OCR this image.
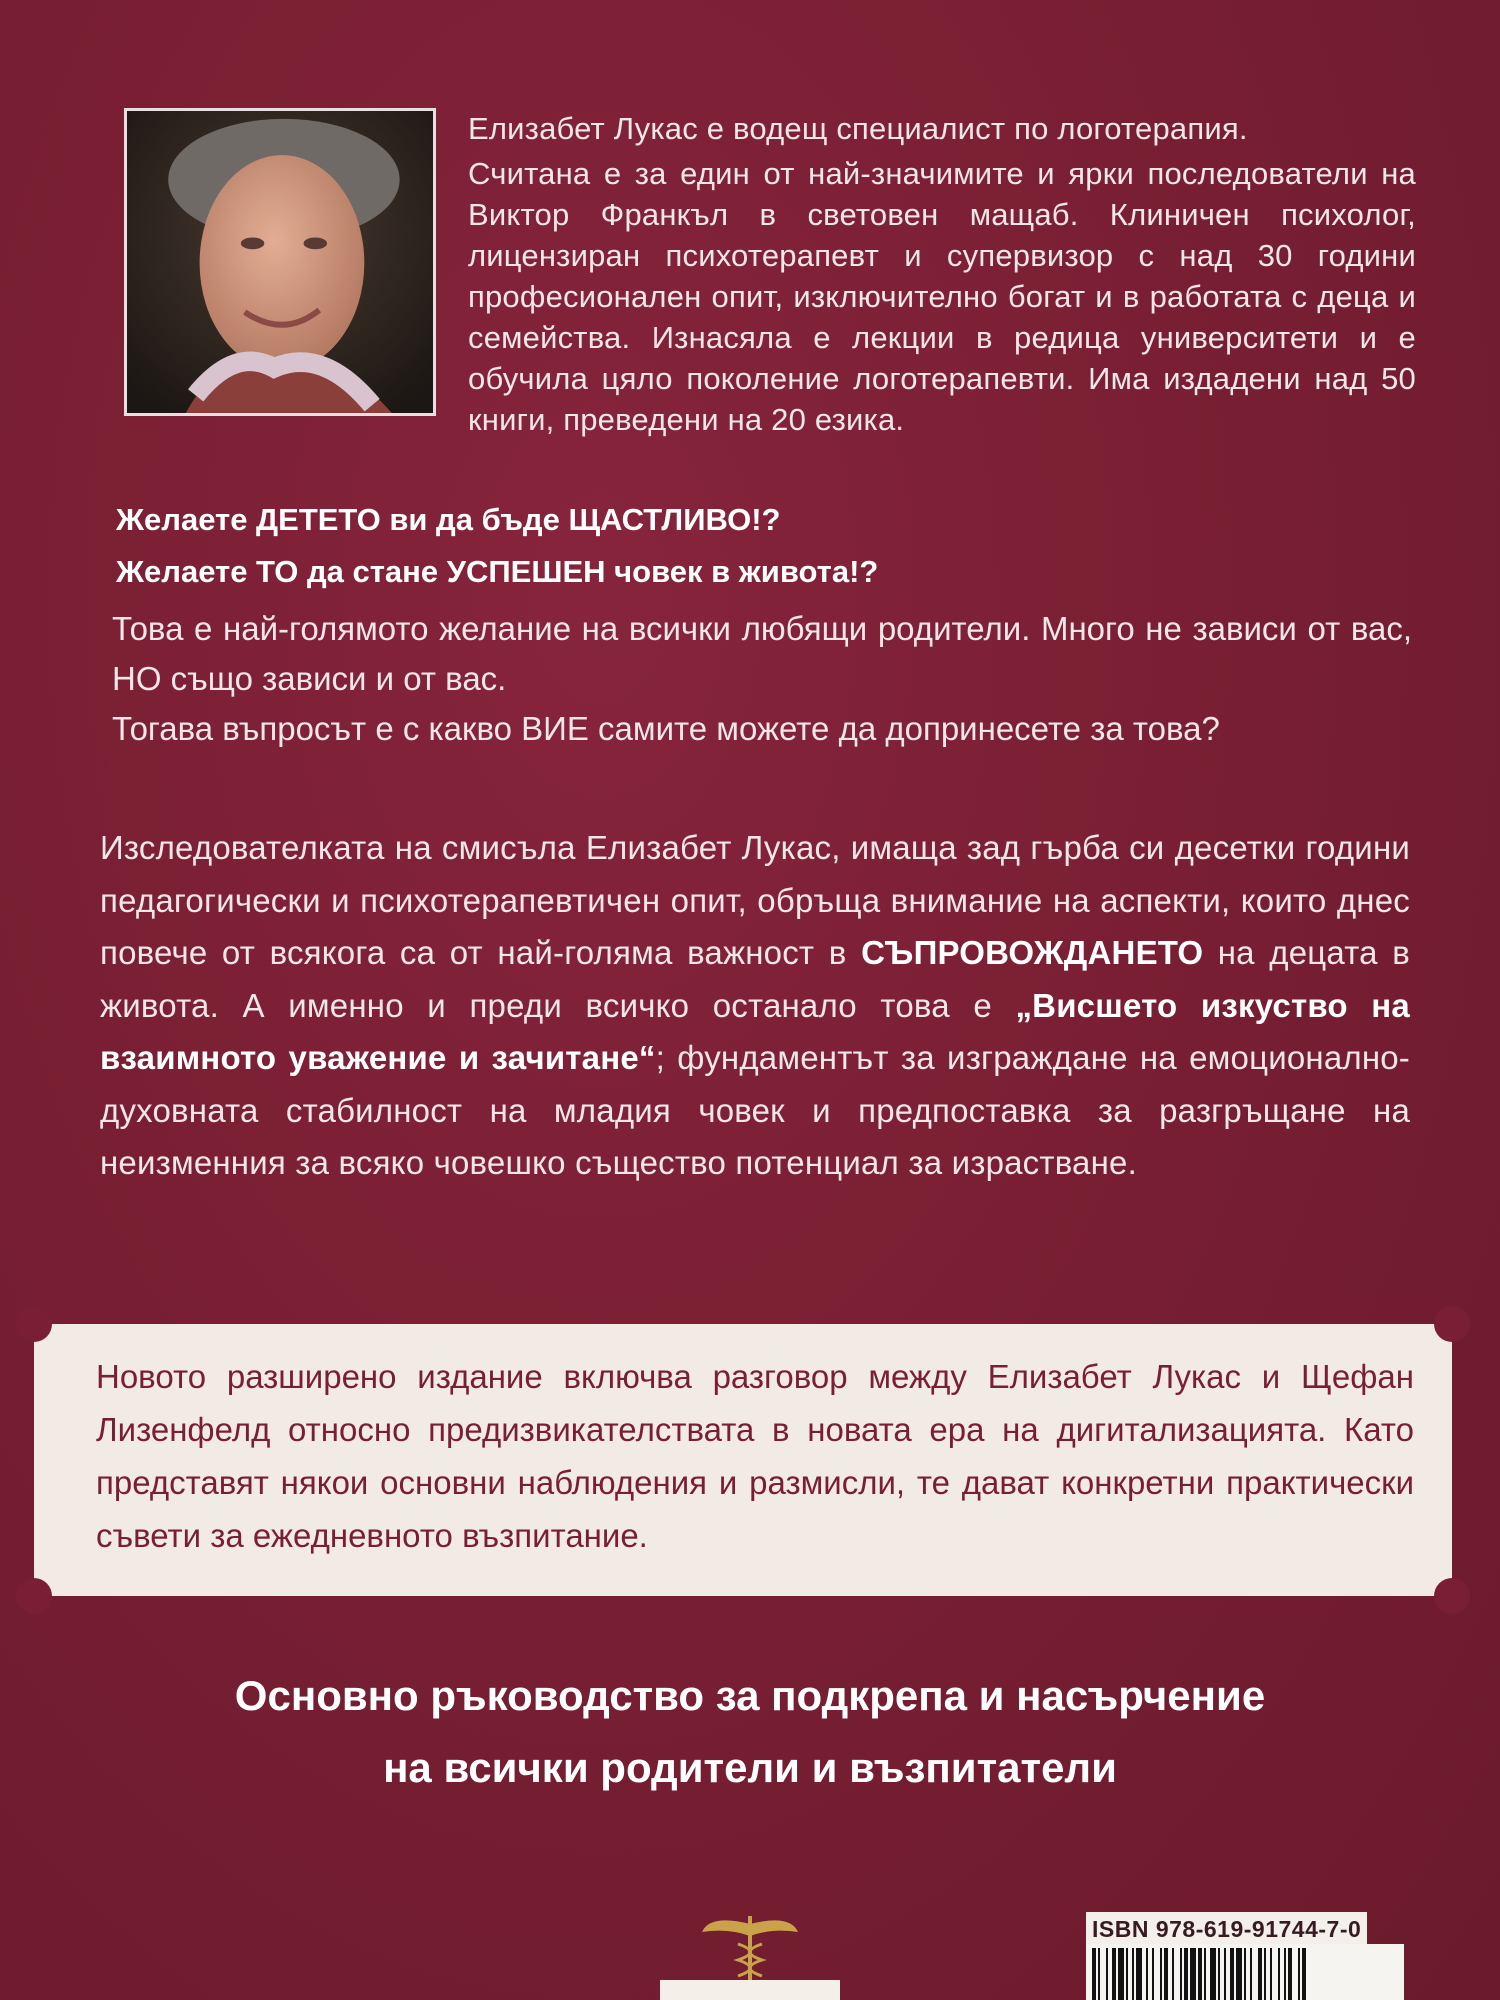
Елизабет Лукас е водещ специалист по логотерапия.

Считана е за един от най-значимите и ярки последователи на Виктор Франкъл в световен мащаб. Клиничен психолог, лицензиран психотерапевт и супервизор с над 30 години професионален опит, изключително богат и в работата с деца и семейства. Изнасяла е лекции в редица университети и е обучила цяло поколение логотерапевти. Има издадени над 50 книги, преведени на 20 езика.

Желаете ДЕТЕТО ви да бъде ЩАСТЛИВО!?
Желаете ТО да стане УСПЕШЕН човек в живота!?

Това е най-голямото желание на всички любящи родители. Много не зависи от вас, НО също зависи и от вас.

Тогава въпросът е с какво ВИЕ самите можете да допринесете за това?

Изследователката на смисъла Елизабет Лукас, имаща зад гърба си десетки години педагогически и психотерапевтичен опит, обръща внимание на аспекти, които днес повече от всякога са от най-голяма важност в СЪПРОВОЖДАНЕТО на децата в живота. А именно и преди всичко останало това е „Висшето изкуство на взаимното уважение и зачитане“; фундаментът за изграждане на емоционално-духовната стабилност на младия човек и предпоставка за разгръщане на неизменния за всяко човешко същество потенциал за израстване.
Новото разширено издание включва разговор между Елизабет Лукас и Щефан Лизенфелд относно предизвикателствата в новата ера на дигитализацията. Като представят някои основни наблюдения и размисли, те дават конкретни практически съвети за ежедневното възпитание.
Основно ръководство за подкрепа и насърчение
на всички родители и възпитатели
ISBN 978-619-91744-7-0
